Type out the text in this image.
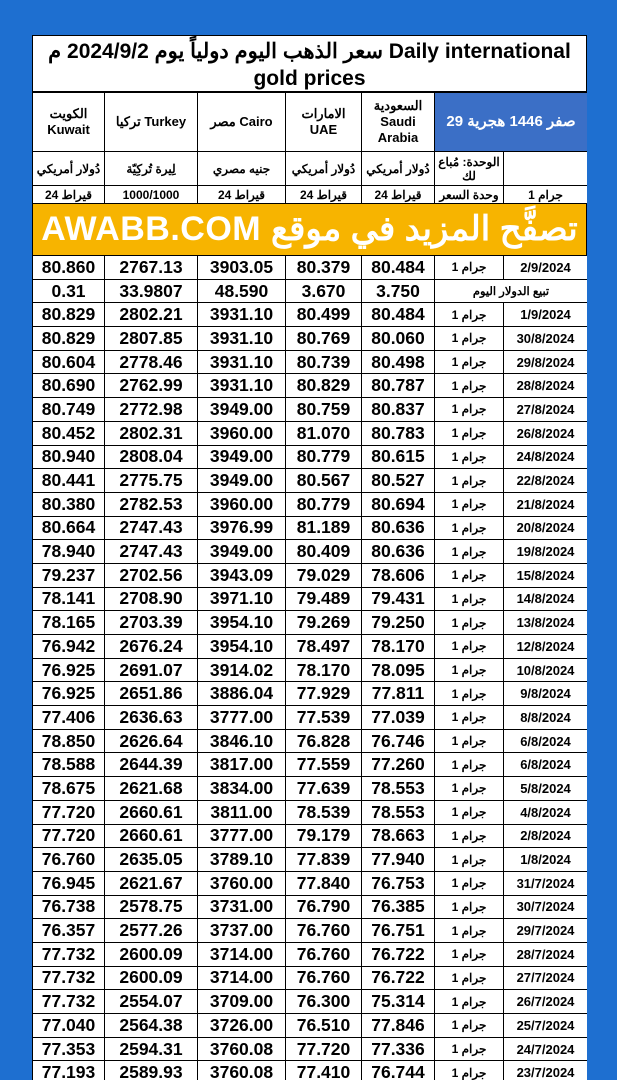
سعر الذهب اليوم دولياً يوم 2024/9/2 م Daily international
gold prices
الكويت Kuwait	تركيا Turkey	مصر Cairo	الامارات UAE	السعودية Saudi Arabia	29 صفر 1446 هجرية	
دُولار أمريكي	لِيرة تُركِيّة	جنيه مصري	دُولار أمريكي	دُولار أمريكي	الوحدة: مُباع لك	
24 قيراط	1000/1000	24 قيراط	24 قيراط	24 قيراط	وحدة السعر	1 جرام
AWABB.COM تصفَّح المزيد في موقع
80.860	2767.13	3903.05	80.379	80.484	1 جرام	2/9/2024
0.31	33.9807	48.590	3.670	3.750	تبيع الدولار اليوم	
80.829	2802.21	3931.10	80.499	80.484	1 جرام	1/9/2024
80.829	2807.85	3931.10	80.769	80.060	1 جرام	30/8/2024
80.604	2778.46	3931.10	80.739	80.498	1 جرام	29/8/2024
80.690	2762.99	3931.10	80.829	80.787	1 جرام	28/8/2024
80.749	2772.98	3949.00	80.759	80.837	1 جرام	27/8/2024
80.452	2802.31	3960.00	81.070	80.783	1 جرام	26/8/2024
80.940	2808.04	3949.00	80.779	80.615	1 جرام	24/8/2024
80.441	2775.75	3949.00	80.567	80.527	1 جرام	22/8/2024
80.380	2782.53	3960.00	80.779	80.694	1 جرام	21/8/2024
80.664	2747.43	3976.99	81.189	80.636	1 جرام	20/8/2024
78.940	2747.43	3949.00	80.409	80.636	1 جرام	19/8/2024
79.237	2702.56	3943.09	79.029	78.606	1 جرام	15/8/2024
78.141	2708.90	3971.10	79.489	79.431	1 جرام	14/8/2024
78.165	2703.39	3954.10	79.269	79.250	1 جرام	13/8/2024
76.942	2676.24	3954.10	78.497	78.170	1 جرام	12/8/2024
76.925	2691.07	3914.02	78.170	78.095	1 جرام	10/8/2024
76.925	2651.86	3886.04	77.929	77.811	1 جرام	9/8/2024
77.406	2636.63	3777.00	77.539	77.039	1 جرام	8/8/2024
78.850	2626.64	3846.10	76.828	76.746	1 جرام	6/8/2024
78.588	2644.39	3817.00	77.559	77.260	1 جرام	6/8/2024
78.675	2621.68	3834.00	77.639	78.553	1 جرام	5/8/2024
77.720	2660.61	3811.00	78.539	78.553	1 جرام	4/8/2024
77.720	2660.61	3777.00	79.179	78.663	1 جرام	2/8/2024
76.760	2635.05	3789.10	77.839	77.940	1 جرام	1/8/2024
76.945	2621.67	3760.00	77.840	76.753	1 جرام	31/7/2024
76.738	2578.75	3731.00	76.790	76.385	1 جرام	30/7/2024
76.357	2577.26	3737.00	76.760	76.751	1 جرام	29/7/2024
77.732	2600.09	3714.00	76.760	76.722	1 جرام	28/7/2024
77.732	2600.09	3714.00	76.760	76.722	1 جرام	27/7/2024
77.732	2554.07	3709.00	76.300	75.314	1 جرام	26/7/2024
77.040	2564.38	3726.00	76.510	77.846	1 جرام	25/7/2024
77.353	2594.31	3760.08	77.720	77.336	1 جرام	24/7/2024
77.193	2589.93	3760.08	77.410	76.744	1 جرام	23/7/2024
